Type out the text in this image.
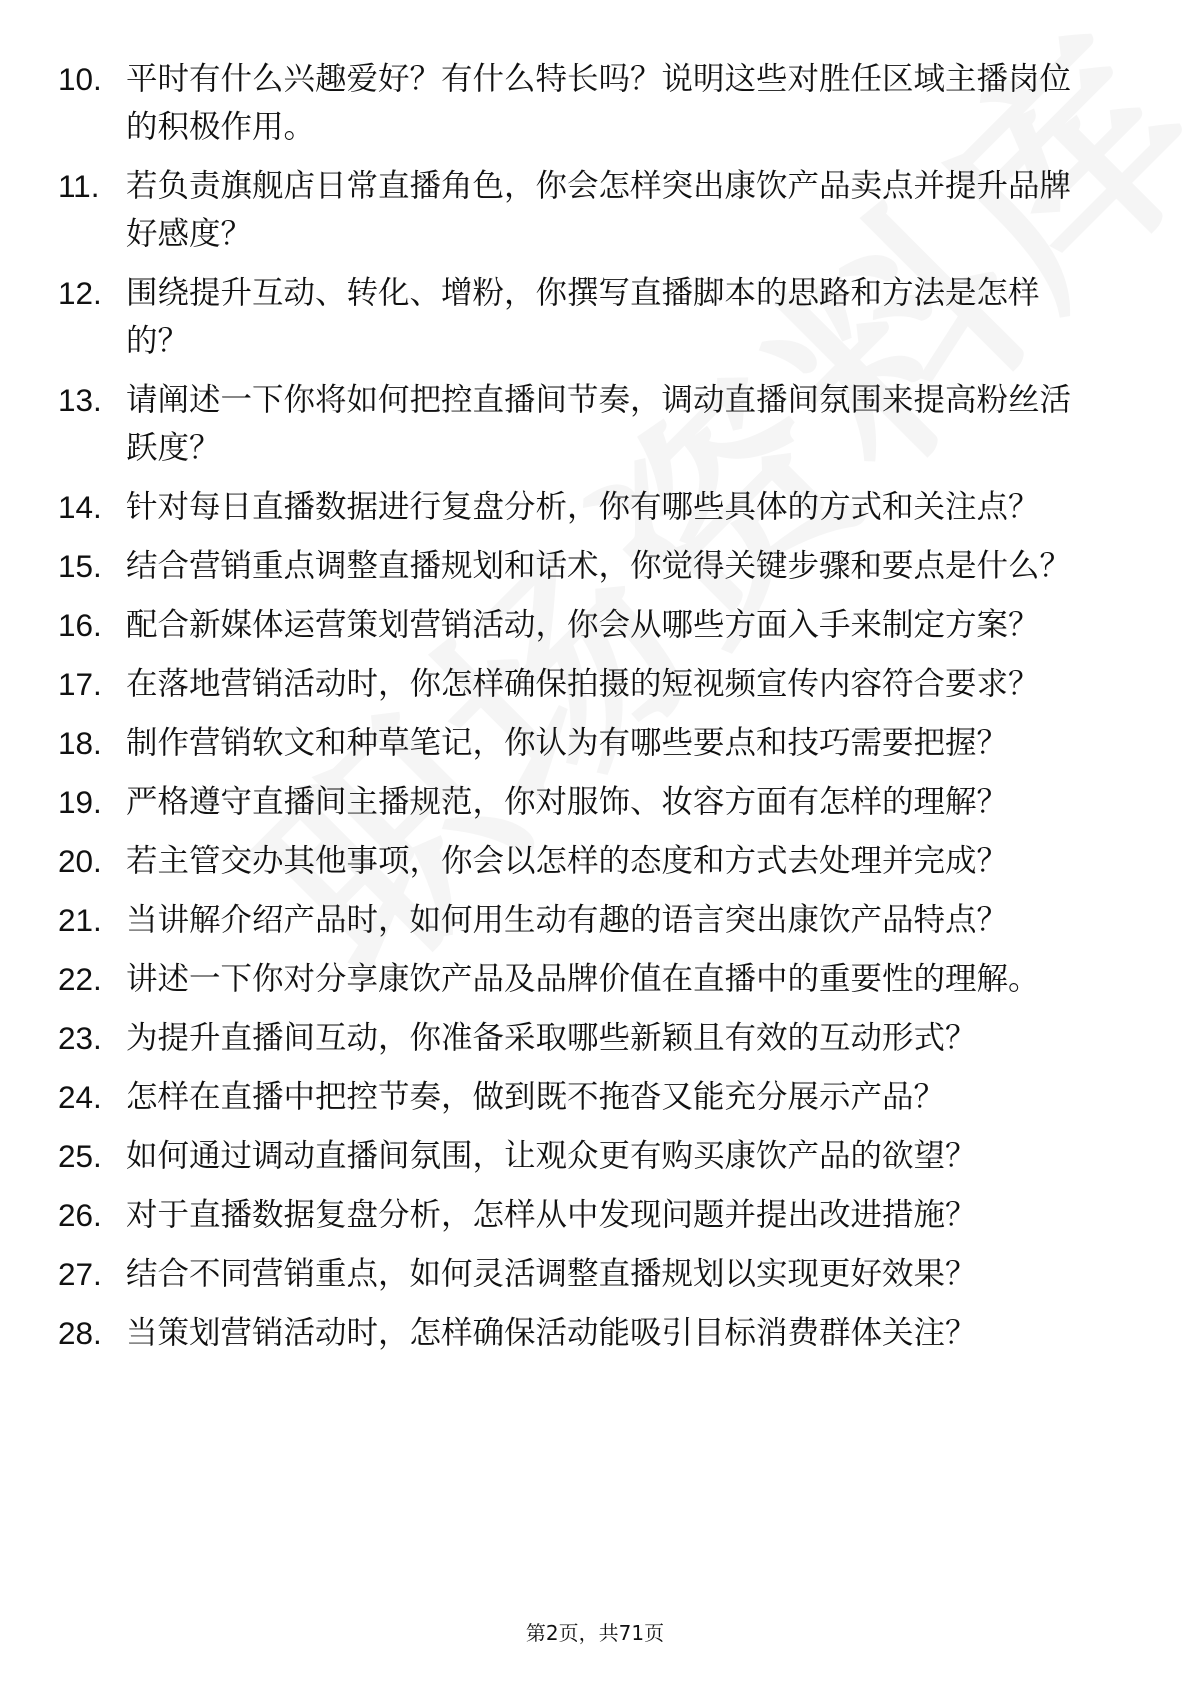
10. 平时有什么兴趣爱好？有什么特长吗？说明这些对胜任区域主播岗位的积极作用。
11. 若负责旗舰店日常直播角色，你会怎样突出康饮产品卖点并提升品牌好感度？
12. 围绕提升互动、转化、增粉，你撰写直播脚本的思路和方法是怎样的？
13. 请阐述一下你将如何把控直播间节奏，调动直播间氛围来提高粉丝活跃度？
14. 针对每日直播数据进行复盘分析，你有哪些具体的方式和关注点？
15. 结合营销重点调整直播规划和话术，你觉得关键步骤和要点是什么？
16. 配合新媒体运营策划营销活动，你会从哪些方面入手来制定方案？
17. 在落地营销活动时，你怎样确保拍摄的短视频宣传内容符合要求？
18. 制作营销软文和种草笔记，你认为有哪些要点和技巧需要把握？
19. 严格遵守直播间主播规范，你对服饰、妆容方面有怎样的理解？
20. 若主管交办其他事项，你会以怎样的态度和方式去处理并完成？
21. 当讲解介绍产品时，如何用生动有趣的语言突出康饮产品特点？
22. 讲述一下你对分享康饮产品及品牌价值在直播中的重要性的理解。
23. 为提升直播间互动，你准备采取哪些新颖且有效的互动形式？
24. 怎样在直播中把控节奏，做到既不拖沓又能充分展示产品？
25. 如何通过调动直播间氛围，让观众更有购买康饮产品的欲望？
26. 对于直播数据复盘分析，怎样从中发现问题并提出改进措施？
27. 结合不同营销重点，如何灵活调整直播规划以实现更好效果？
28. 当策划营销活动时，怎样确保活动能吸引目标消费群体关注？
第2页，共71页
